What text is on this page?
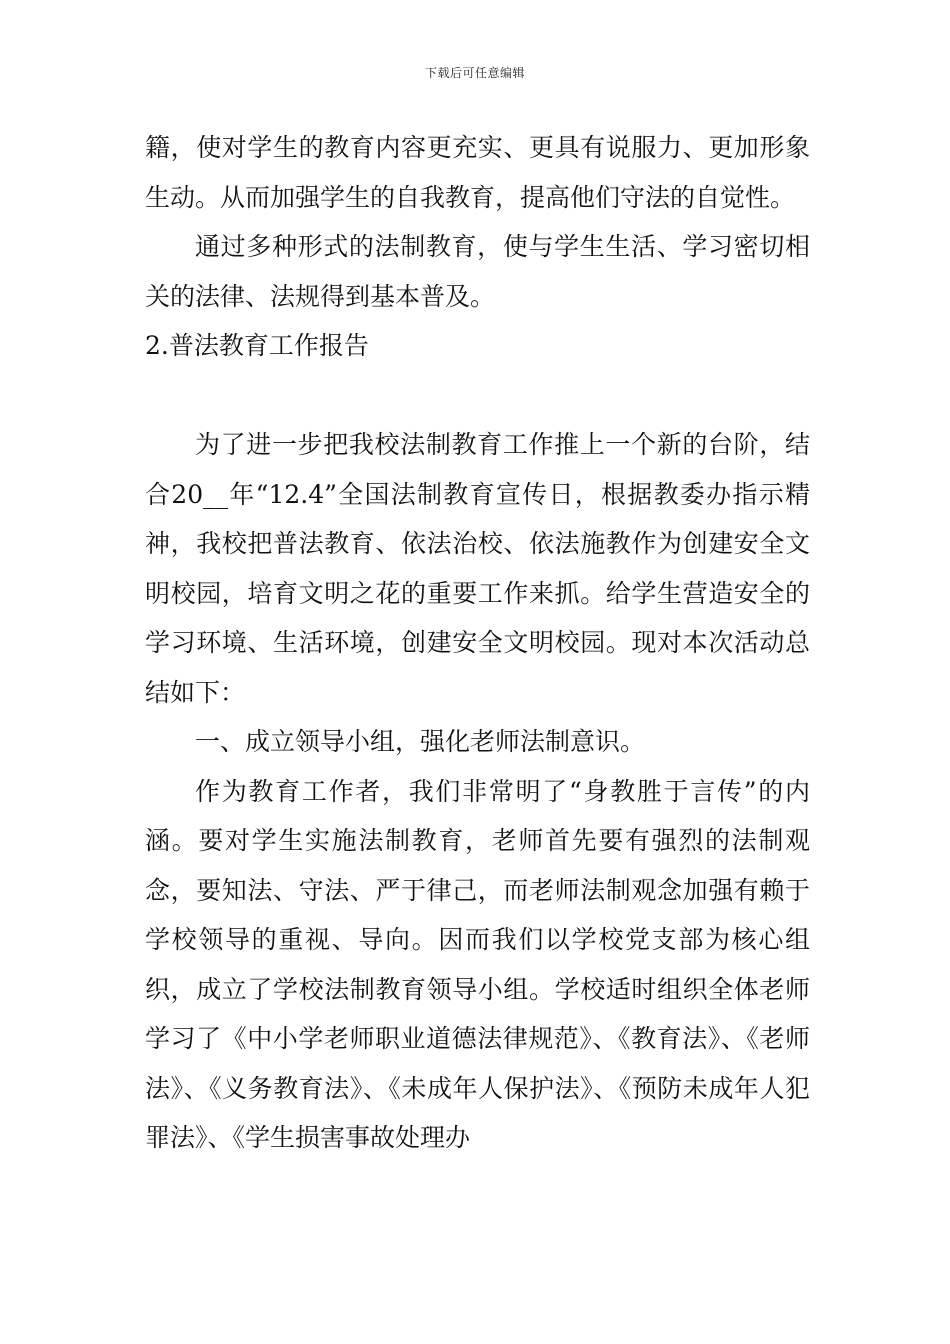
下载后可任意编辑

籍，使对学生的教育内容更充实、更具有说服力、更加形象生动。从而加强学生的自我教育，提高他们守法的自觉性。

通过多种形式的法制教育，使与学生生活、学习密切相关的法律、法规得到基本普及。

2.普法教育工作报告

为了进一步把我校法制教育工作推上一个新的台阶，结合20__年“12.4”全国法制教育宣传日，根据教委办指示精神，我校把普法教育、依法治校、依法施教作为创建安全文明校园，培育文明之花的重要工作来抓。给学生营造安全的学习环境、生活环境，创建安全文明校园。现对本次活动总结如下：

一、成立领导小组，强化老师法制意识。

作为教育工作者，我们非常明了“身教胜于言传”的内涵。要对学生实施法制教育，老师首先要有强烈的法制观念，要知法、守法、严于律己，而老师法制观念加强有赖于学校领导的重视、导向。因而我们以学校党支部为核心组织，成立了学校法制教育领导小组。学校适时组织全体老师学习了《中小学老师职业道德法律规范》、《教育法》、《老师法》、《义务教育法》、《未成年人保护法》、《预防未成年人犯罪法》、《学生损害事故处理办
